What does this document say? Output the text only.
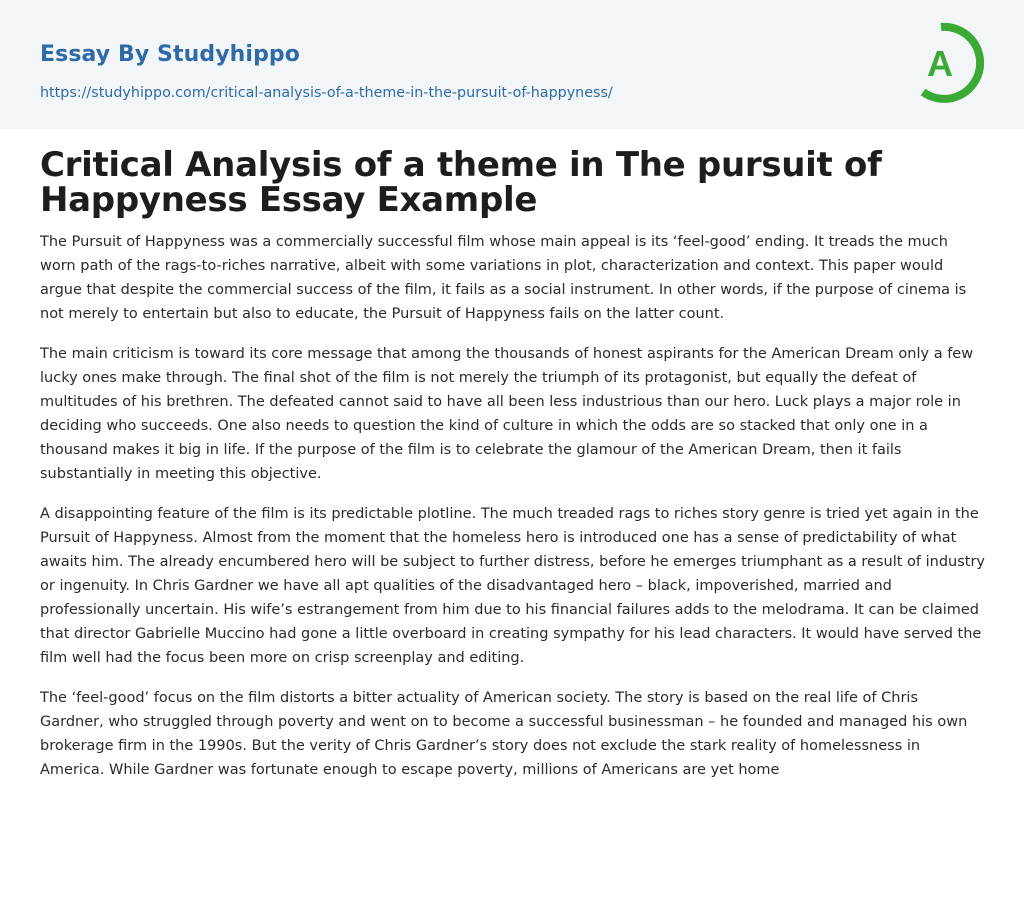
Essay By Studyhippo
https://studyhippo.com/critical-analysis-of-a-theme-in-the-pursuit-of-happyness/
A
Critical Analysis of a theme in The pursuit of
Happyness Essay Example

The Pursuit of Happyness was a commercially successful film whose main appeal is its ‘feel-good’ ending. It treads the much worn path of the rags-to-riches narrative, albeit with some variations in plot, characterization and context. This paper would argue that despite the commercial success of the film, it fails as a social instrument. In other words, if the purpose of cinema is not merely to entertain but also to educate, the Pursuit of Happyness fails on the latter count.

The main criticism is toward its core message that among the thousands of honest aspirants for the American Dream only a few lucky ones make through. The final shot of the film is not merely the triumph of its protagonist, but equally the defeat of multitudes of his brethren. The defeated cannot said to have all been less industrious than our hero. Luck plays a major role in deciding who succeeds. One also needs to question the kind of culture in which the odds are so stacked that only one in a thousand makes it big in life. If the purpose of the film is to celebrate the glamour of the American Dream, then it fails substantially in meeting this objective.

A disappointing feature of the film is its predictable plotline. The much treaded rags to riches story genre is tried yet again in the Pursuit of Happyness. Almost from the moment that the homeless hero is introduced one has a sense of predictability of what awaits him. The already encumbered hero will be subject to further distress, before he emerges triumphant as a result of industry or ingenuity. In Chris Gardner we have all apt qualities of the disadvantaged hero – black, impoverished, married and professionally uncertain. His wife’s estrangement from him due to his financial failures adds to the melodrama. It can be claimed that director Gabrielle Muccino had gone a little overboard in creating sympathy for his lead characters. It would have served the film well had the focus been more on crisp screenplay and editing.

The ‘feel-good’ focus on the film distorts a bitter actuality of American society. The story is based on the real life of Chris Gardner, who struggled through poverty and went on to become a successful businessman – he founded and managed his own brokerage firm in the 1990s. But the verity of Chris Gardner’s story does not exclude the stark reality of homelessness in America. While Gardner was fortunate enough to escape poverty, millions of Americans are yet home
